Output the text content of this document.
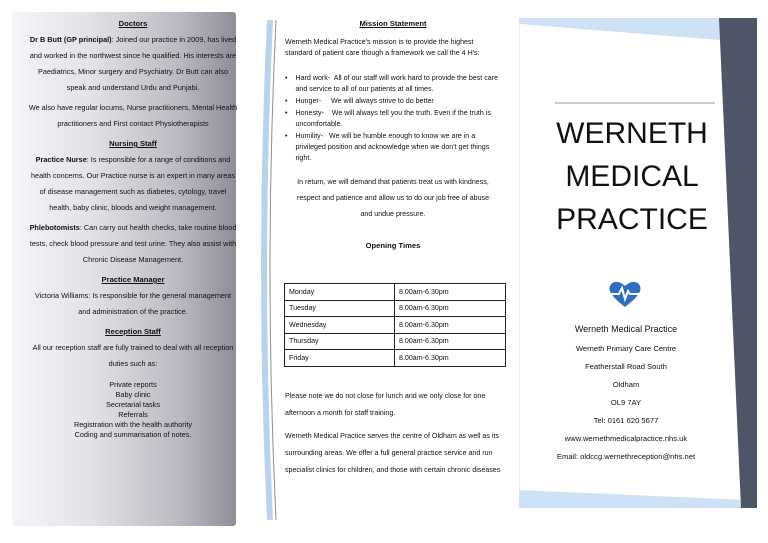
Doctors

Dr B Butt (GP principal): Joined our practice in 2009, has lived and worked in the northwest since he qualified. His interests are Paediatrics, Minor surgery and Psychiatry. Dr Butt can also speak and understand Urdu and Punjabi.

We also have regular locums, Nurse practitioners, Mental Health practitioners and First contact Physiotherapists

Nursing Staff

Practice Nurse: Is responsible for a range of conditions and health concerns. Our Practice nurse is an expert in many areas of disease management such as diabetes, cytology, travel health, baby clinic, bloods and weight management.

Phlebotomists: Can carry out health checks, take routine blood tests, check blood pressure and test urine. They also assist with Chronic Disease Management.

Practice Manager

Victoria Williams: Is responsible for the general management and administration of the practice.

Reception Staff

All our reception staff are fully trained to deal with all reception duties such as:

Private reports
Baby clinic
Secretarial tasks
Referrals
Registration with the health authority
Coding and summarisation of notes.
Mission Statement

Werneth Medical Practice's mission is to provide the highest standard of patient care though a framework we call the 4 H's:

• Hard work- All of our staff will work hard to provide the best care and service to all of our patients at all times.
• Hunger- We will always strive to do better
• Honesty- We will always tell you the truth. Even if the truth is uncomfortable.
• Humility- We will be humble enough to know we are in a privileged position and acknowledge when we don't get things right.

In return, we will demand that patients treat us with kindness, respect and patience and allow us to do our job free of abuse and undue pressure.

Opening Times
Monday	8.00am-6.30pm
Tuesday	8.00am-6.30pm
Wednesday	8.00am-6.30pm
Thursday	8.00am-6.30pm
Friday	8.00am-6.30pm

Please note we do not close for lunch and we only close for one afternoon a month for staff training.

Werneth Medical Practice serves the centre of Oldham as well as its surrounding areas. We offer a full general practice service and run specialist clinics for children, and those with certain chronic diseases

WERNETH
MEDICAL
PRACTICE
Werneth Medical Practice
Werneth Primary Care Centre
Featherstall Road South
Oldham
OL9 7AY
Tel: 0161 620 5677
www.wernethmedicalpractice.nhs.uk
Email: oldccg.wernethreception@nhs.net
